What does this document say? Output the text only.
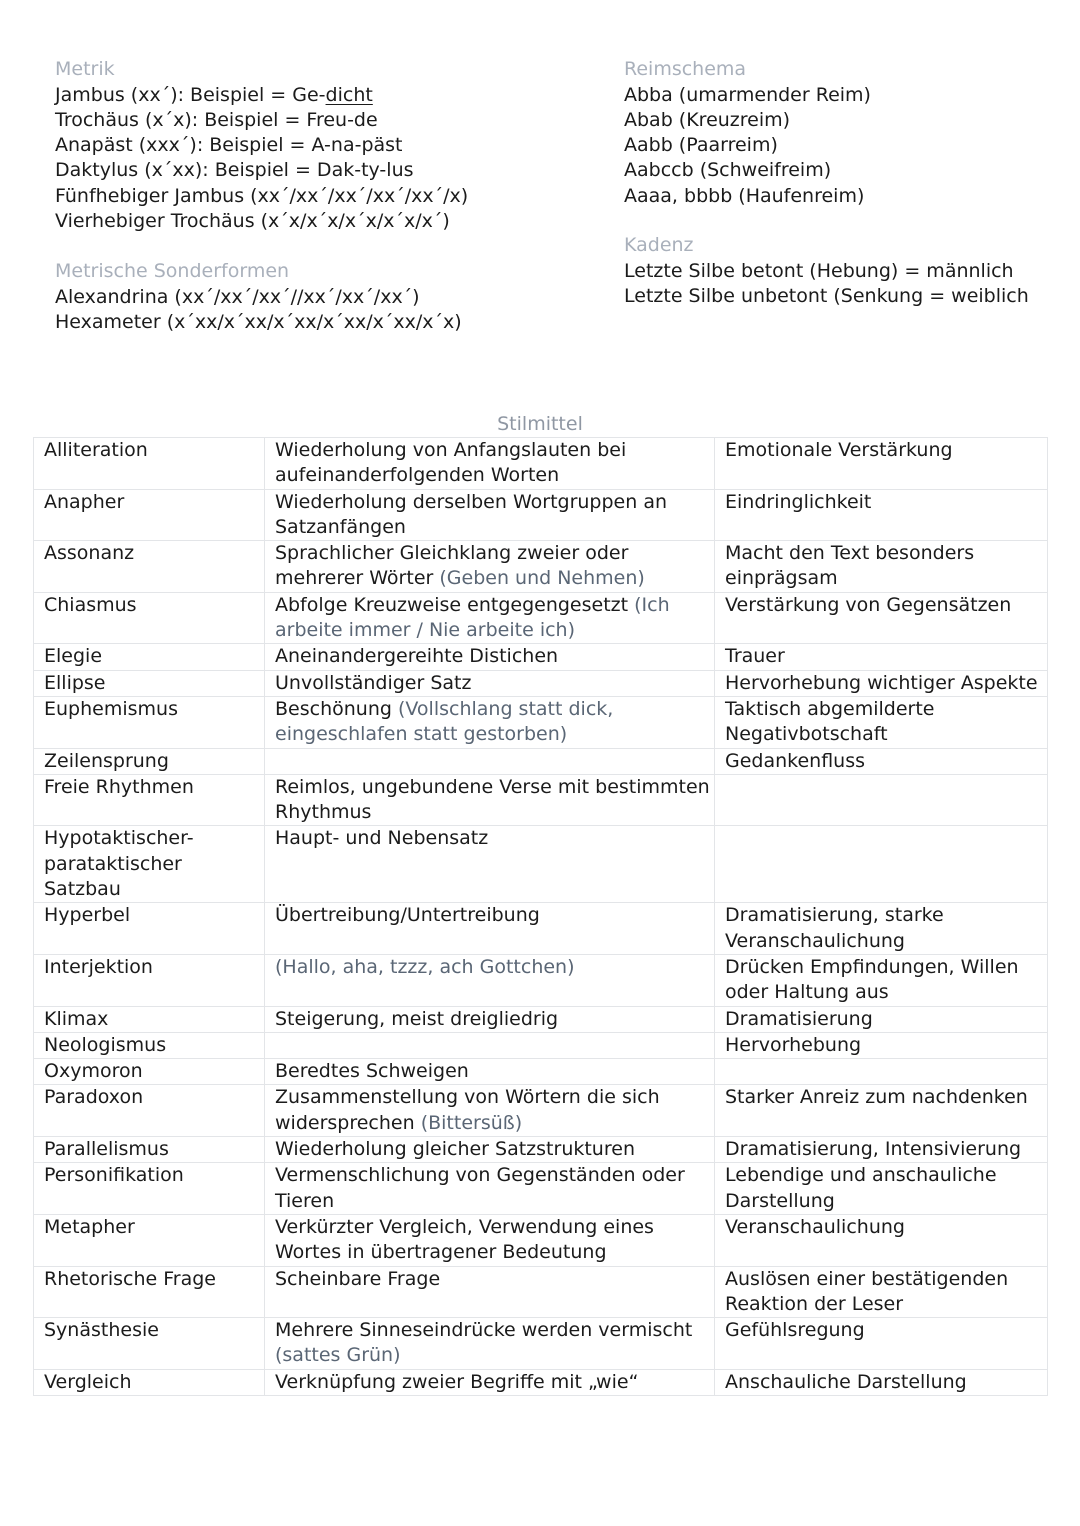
Metrik
Jambus (xx´): Beispiel = Ge-dicht
Trochäus (x´x): Beispiel = Freu-de
Anapäst (xxx´): Beispiel = A-na-päst
Daktylus (x´xx): Beispiel = Dak-ty-lus
Fünfhebiger Jambus (xx´/xx´/xx´/xx´/xx´/x)
Vierhebiger Trochäus (x´x/x´x/x´x/x´x/x´)
Metrische Sonderformen
Alexandrina (xx´/xx´/xx´//xx´/xx´/xx´)
Hexameter (x´xx/x´xx/x´xx/x´xx/x´xx/x´x)
Reimschema
Abba (umarmender Reim)
Abab (Kreuzreim)
Aabb (Paarreim)
Aabccb (Schweifreim)
Aaaa, bbbb (Haufenreim)
Kadenz
Letzte Silbe betont (Hebung) = männlich
Letzte Silbe unbetont (Senkung = weiblich
Stilmittel
Alliteration	Wiederholung von Anfangslauten bei aufeinanderfolgenden Worten	Emotionale Verstärkung
Anapher	Wiederholung derselben Wortgruppen an Satzanfängen	Eindringlichkeit
Assonanz	Sprachlicher Gleichklang zweier oder mehrerer Wörter (Geben und Nehmen)	Macht den Text besonders einprägsam
Chiasmus	Abfolge Kreuzweise entgegengesetzt (Ich arbeite immer / Nie arbeite ich)	Verstärkung von Gegensätzen
Elegie	Aneinandergereihte Distichen	Trauer
Ellipse	Unvollständiger Satz	Hervorhebung wichtiger Aspekte
Euphemismus	Beschönung (Vollschlang statt dick, eingeschlafen statt gestorben)	Taktisch abgemilderte Negativbotschaft
Zeilensprung		Gedankenfluss
Freie Rhythmen	Reimlos, ungebundene Verse mit bestimmten Rhythmus	
Hypotaktischer-parataktischer Satzbau	Haupt- und Nebensatz	
Hyperbel	Übertreibung/Untertreibung	Dramatisierung, starke Veranschaulichung
Interjektion	(Hallo, aha, tzzz, ach Gottchen)	Drücken Empfindungen, Willen oder Haltung aus
Klimax	Steigerung, meist dreigliedrig	Dramatisierung
Neologismus		Hervorhebung
Oxymoron	Beredtes Schweigen	
Paradoxon	Zusammenstellung von Wörtern die sich widersprechen (Bittersüß)	Starker Anreiz zum nachdenken
Parallelismus	Wiederholung gleicher Satzstrukturen	Dramatisierung, Intensivierung
Personifikation	Vermenschlichung von Gegenständen oder Tieren	Lebendige und anschauliche Darstellung
Metapher	Verkürzter Vergleich, Verwendung eines Wortes in übertragener Bedeutung	Veranschaulichung
Rhetorische Frage	Scheinbare Frage	Auslösen einer bestätigenden Reaktion der Leser
Synästhesie	Mehrere Sinneseindrücke werden vermischt (sattes Grün)	Gefühlsregung
Vergleich	Verknüpfung zweier Begriffe mit „wie“	Anschauliche Darstellung
